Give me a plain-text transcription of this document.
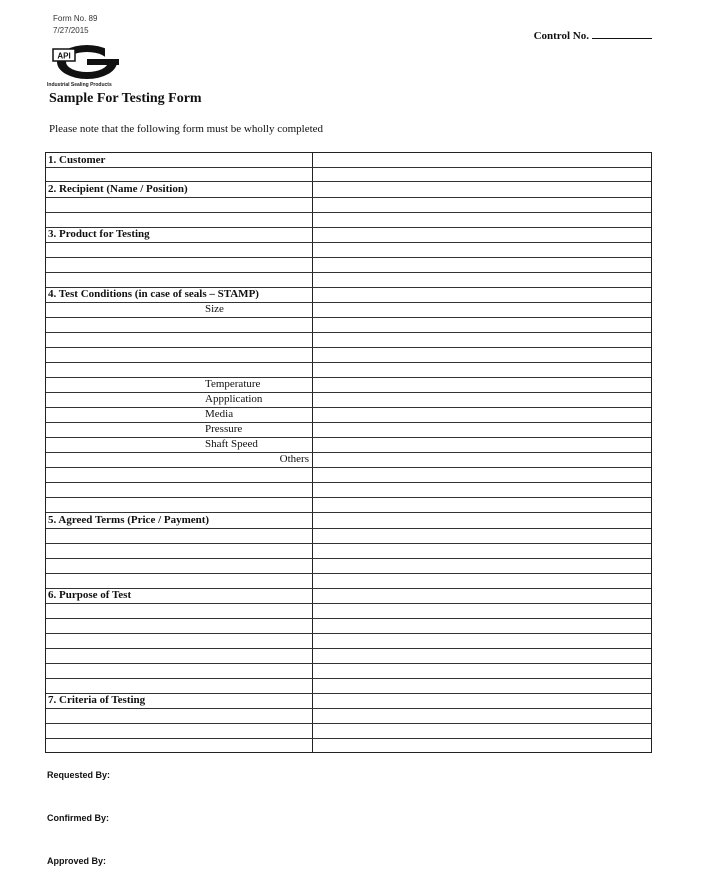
Form No. 89
7/27/2015	Control No.
API
Industrial Sealing Products
Sample For Testing Form
Please note that the following form must be wholly completed
1. Customer
2. Recipient (Name / Position)
3. Product for Testing
4. Test Conditions (in case of seals – STAMP)
5. Agreed Terms (Price / Payment)
6. Purpose of Test
7. Criteria of Testing
Size
Temperature
Appplication
Media
Pressure
Shaft Speed
Others
Requested By:
Confirmed By:
Approved By:
